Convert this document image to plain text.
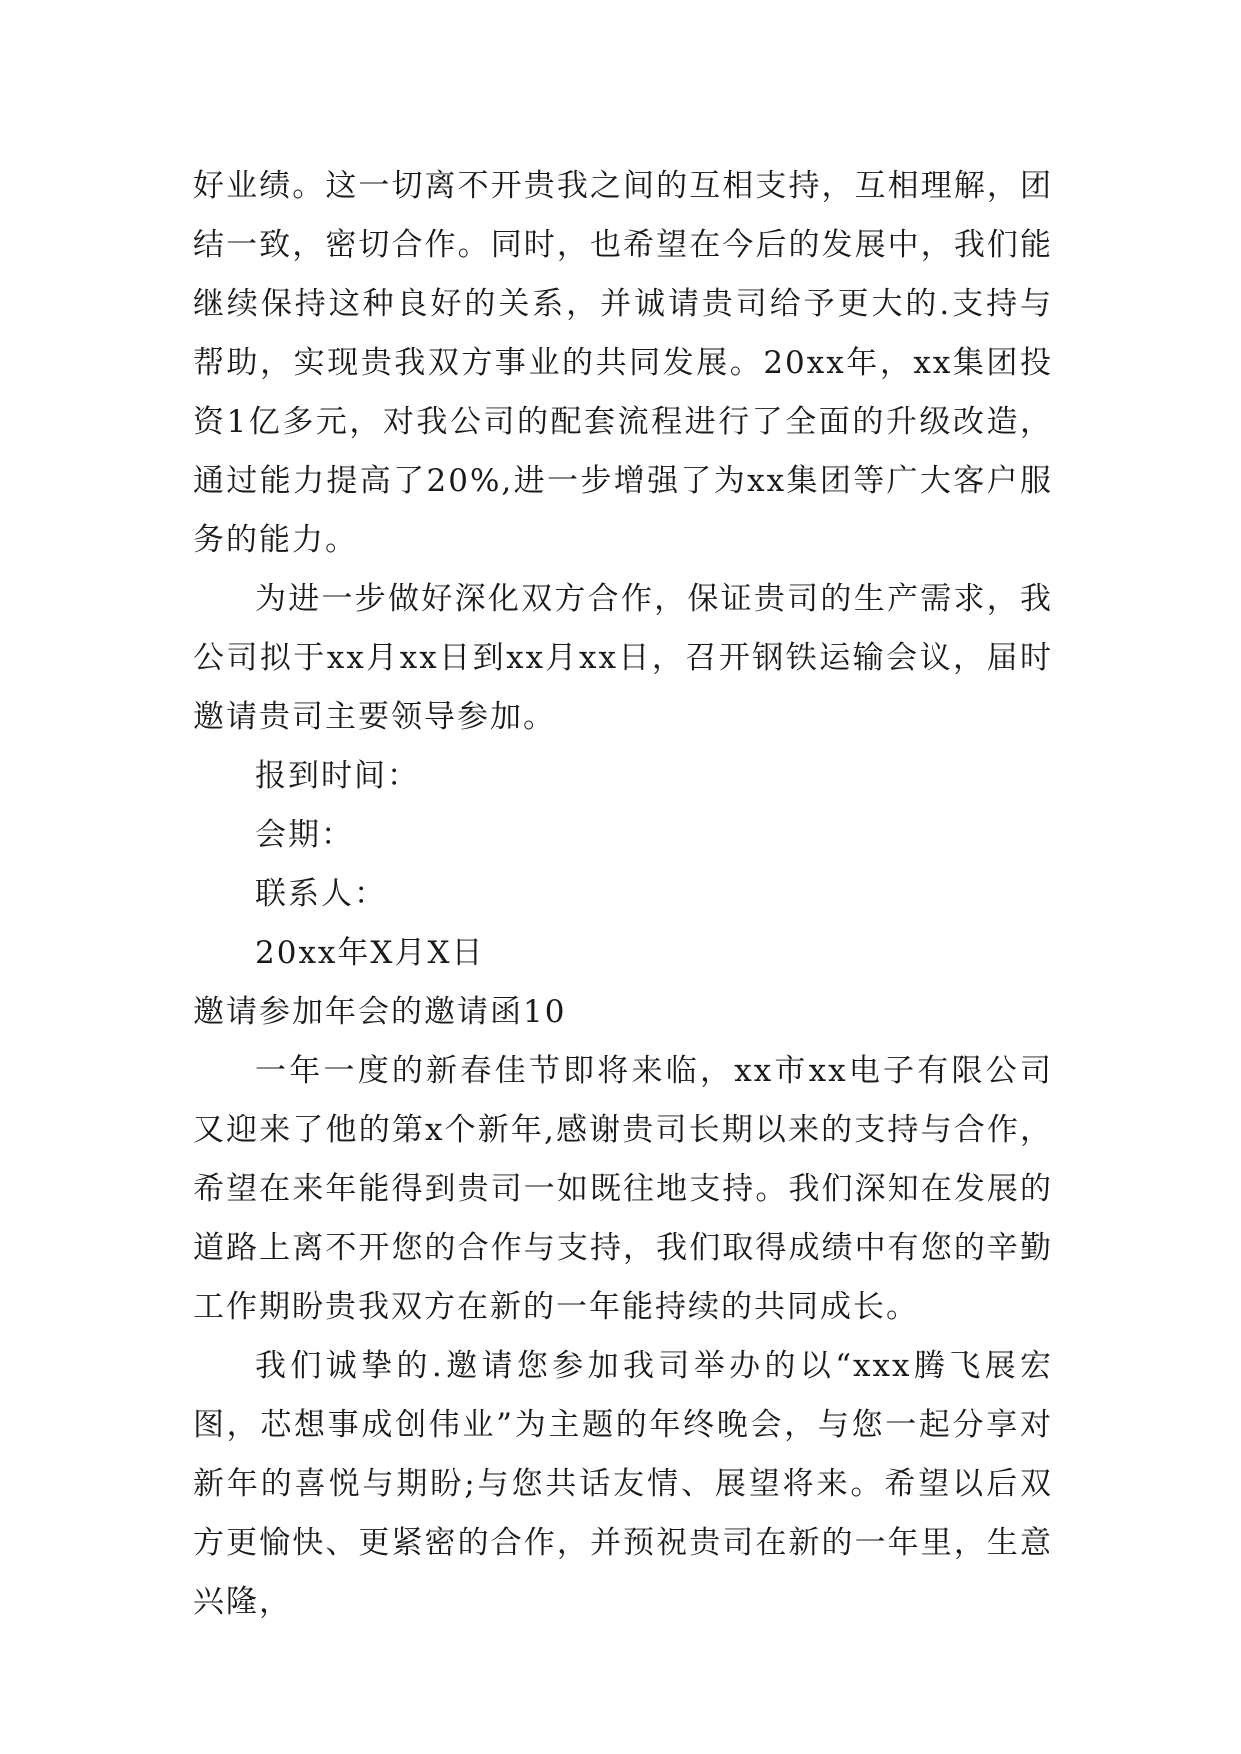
好业绩。这一切离不开贵我之间的互相支持，互相理解，团结一致，密切合作。同时，也希望在今后的发展中，我们能继续保持这种良好的关系，并诚请贵司给予更大的.支持与帮助，实现贵我双方事业的共同发展。20xx年，xx集团投资1亿多元，对我公司的配套流程进行了全面的升级改造，通过能力提高了20%,进一步增强了为xx集团等广大客户服务的能力。

为进一步做好深化双方合作，保证贵司的生产需求，我公司拟于xx月xx日到xx月xx日，召开钢铁运输会议，届时邀请贵司主要领导参加。

报到时间：

会期：

联系人：

20xx年X月X日

邀请参加年会的邀请函10

一年一度的新春佳节即将来临，xx市xx电子有限公司又迎来了他的第x个新年,感谢贵司长期以来的支持与合作，希望在来年能得到贵司一如既往地支持。我们深知在发展的道路上离不开您的合作与支持，我们取得成绩中有您的辛勤工作期盼贵我双方在新的一年能持续的共同成长。

我们诚挚的.邀请您参加我司举办的以“xxx腾飞展宏图，芯想事成创伟业”为主题的年终晚会，与您一起分享对新年的喜悦与期盼;与您共话友情、展望将来。希望以后双方更愉快、更紧密的合作，并预祝贵司在新的一年里，生意兴隆，
